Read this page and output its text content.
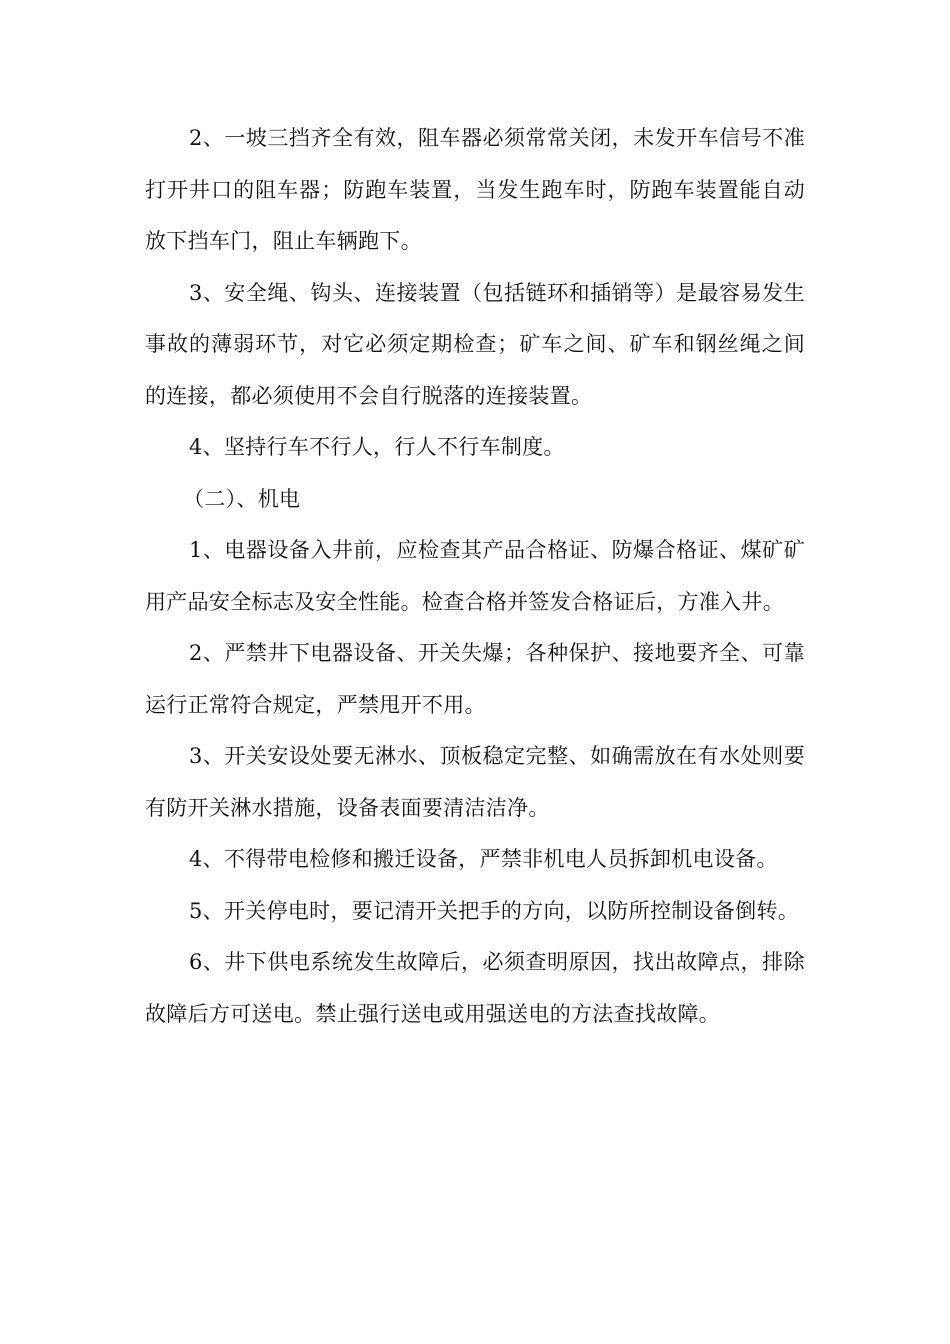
2、一坡三挡齐全有效，阻车器必须常常关闭，未发开车信号不准打开井口的阻车器；防跑车装置，当发生跑车时，防跑车装置能自动放下挡车门，阻止车辆跑下。

3、安全绳、钩头、连接装置（包括链环和插销等）是最容易发生事故的薄弱环节，对它必须定期检查；矿车之间、矿车和钢丝绳之间的连接，都必须使用不会自行脱落的连接装置。

4、坚持行车不行人，行人不行车制度。

（二）、机电

1、电器设备入井前，应检查其产品合格证、防爆合格证、煤矿矿用产品安全标志及安全性能。检查合格并签发合格证后，方准入井。

2、严禁井下电器设备、开关失爆；各种保护、接地要齐全、可靠运行正常符合规定，严禁甩开不用。

3、开关安设处要无淋水、顶板稳定完整、如确需放在有水处则要有防开关淋水措施，设备表面要清洁洁净。

4、不得带电检修和搬迁设备，严禁非机电人员拆卸机电设备。

5、开关停电时，要记清开关把手的方向，以防所控制设备倒转。

6、井下供电系统发生故障后，必须查明原因，找出故障点，排除故障后方可送电。禁止强行送电或用强送电的方法查找故障。
